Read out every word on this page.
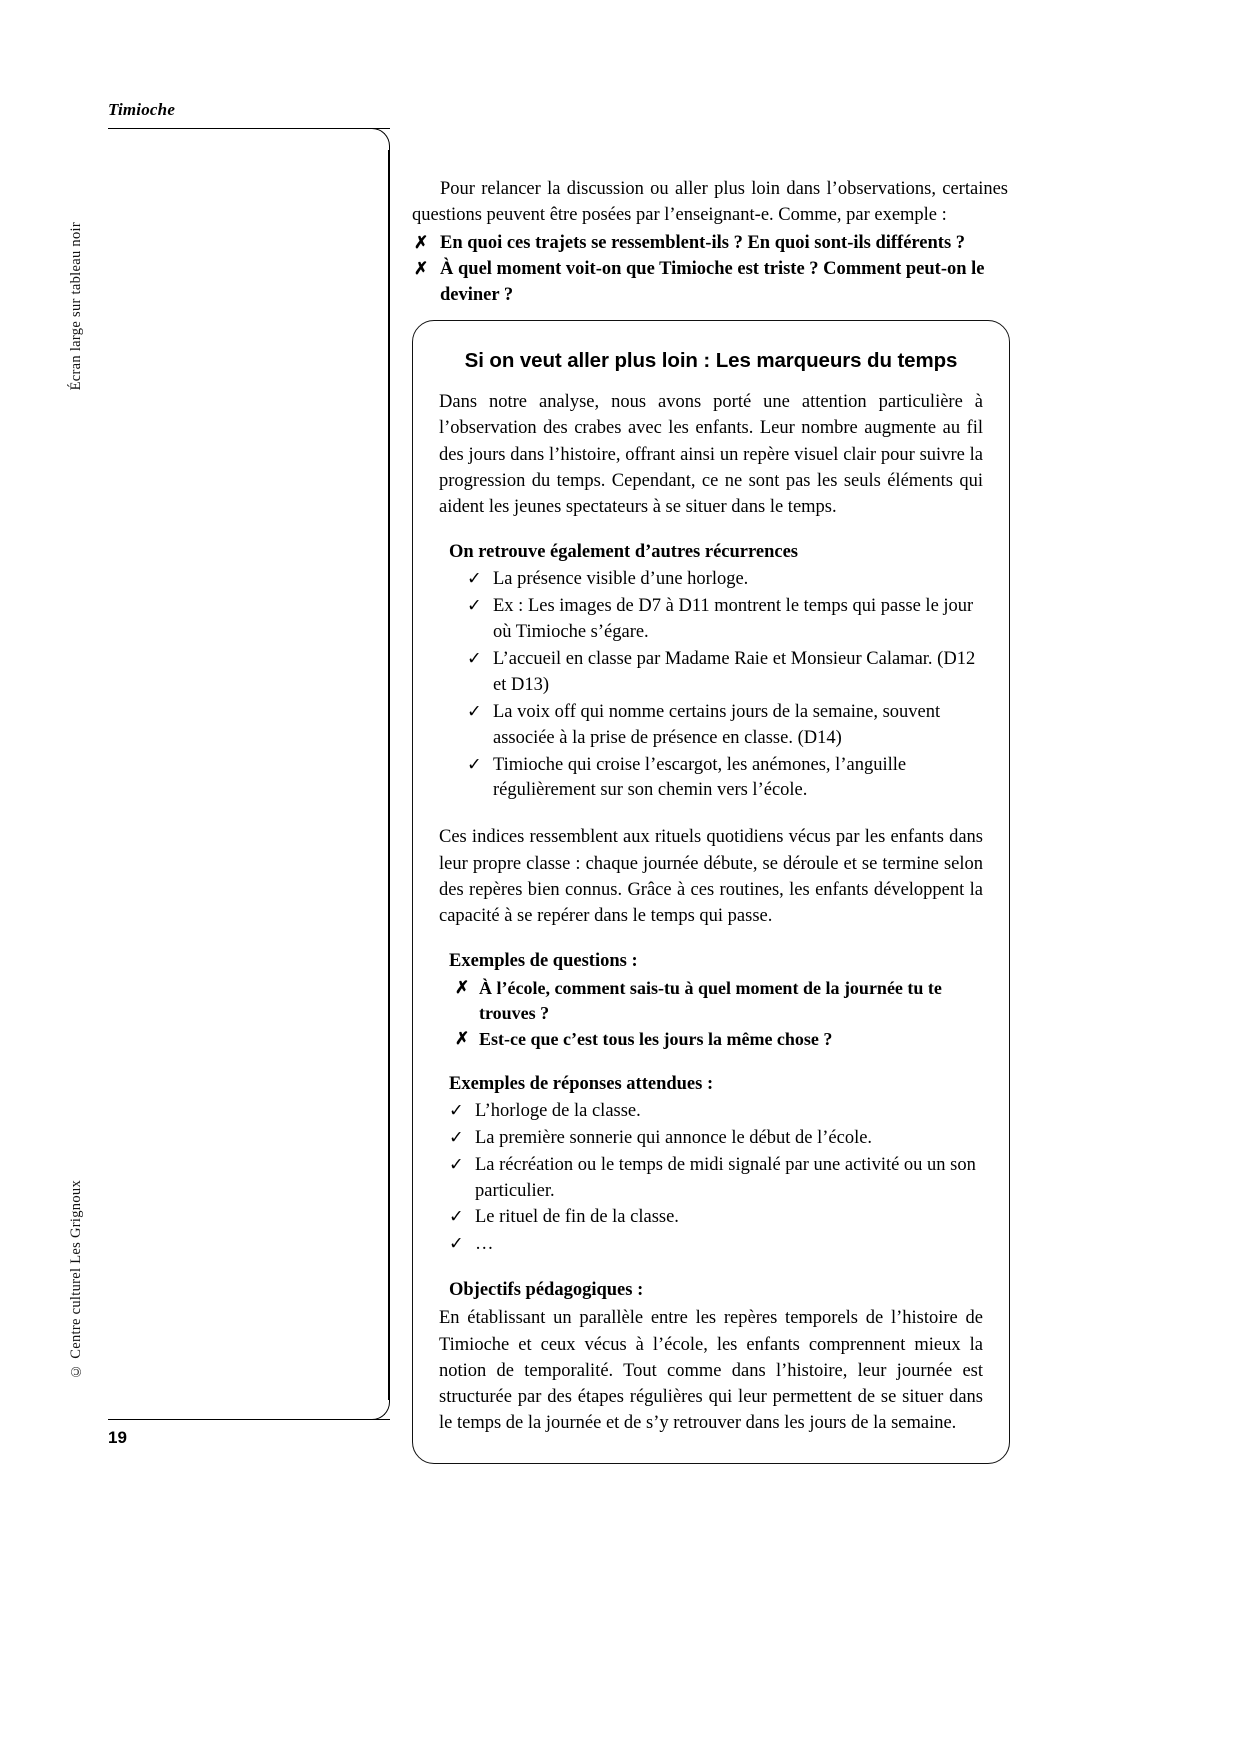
Timioche
19
Écran large sur tableau noir
© Centre culturel Les Grignoux

Pour relancer la discussion ou aller plus loin dans l’observations, certaines questions peuvent être posées par l’enseignant-e. Comme, par exemple :

✗ En quoi ces trajets se ressemblent-ils ? En quoi sont-ils différents ?
✗ À quel moment voit-on que Timioche est triste ? Comment peut-on le deviner ?
Si on veut aller plus loin : Les marqueurs du temps

Dans notre analyse, nous avons porté une attention particulière à l’observation des crabes avec les enfants. Leur nombre augmente au fil des jours dans l’histoire, offrant ainsi un repère visuel clair pour suivre la progression du temps. Cependant, ce ne sont pas les seuls éléments qui aident les jeunes spectateurs à se situer dans le temps.

On retrouve également d’autres récurrences
✓ La présence visible d’une horloge.
✓ Ex : Les images de D7 à D11 montrent le temps qui passe le jour où Timioche s’égare.
✓ L’accueil en classe par Madame Raie et Monsieur Calamar. (D12 et D13)
✓ La voix off qui nomme certains jours de la semaine, souvent associée à la prise de présence en classe. (D14)
✓ Timioche qui croise l’escargot, les anémones, l’anguille régulièrement sur son chemin vers l’école.

Ces indices ressemblent aux rituels quotidiens vécus par les enfants dans leur propre classe : chaque journée débute, se déroule et se termine selon des repères bien connus. Grâce à ces routines, les enfants développent la capacité à se repérer dans le temps qui passe.

Exemples de questions :
✗ À l’école, comment sais-tu à quel moment de la journée tu te trouves ?
✗ Est-ce que c’est tous les jours la même chose ?
Exemples de réponses attendues :
✓ L’horloge de la classe.
✓ La première sonnerie qui annonce le début de l’école.
✓ La récréation ou le temps de midi signalé par une activité ou un son particulier.
✓ Le rituel de fin de la classe.
✓ …
Objectifs pédagogiques :

En établissant un parallèle entre les repères temporels de l’histoire de Timioche et ceux vécus à l’école, les enfants comprennent mieux la notion de temporalité. Tout comme dans l’histoire, leur journée est structurée par des étapes régulières qui leur permettent de se situer dans le temps de la journée et de s’y retrouver dans les jours de la semaine.
